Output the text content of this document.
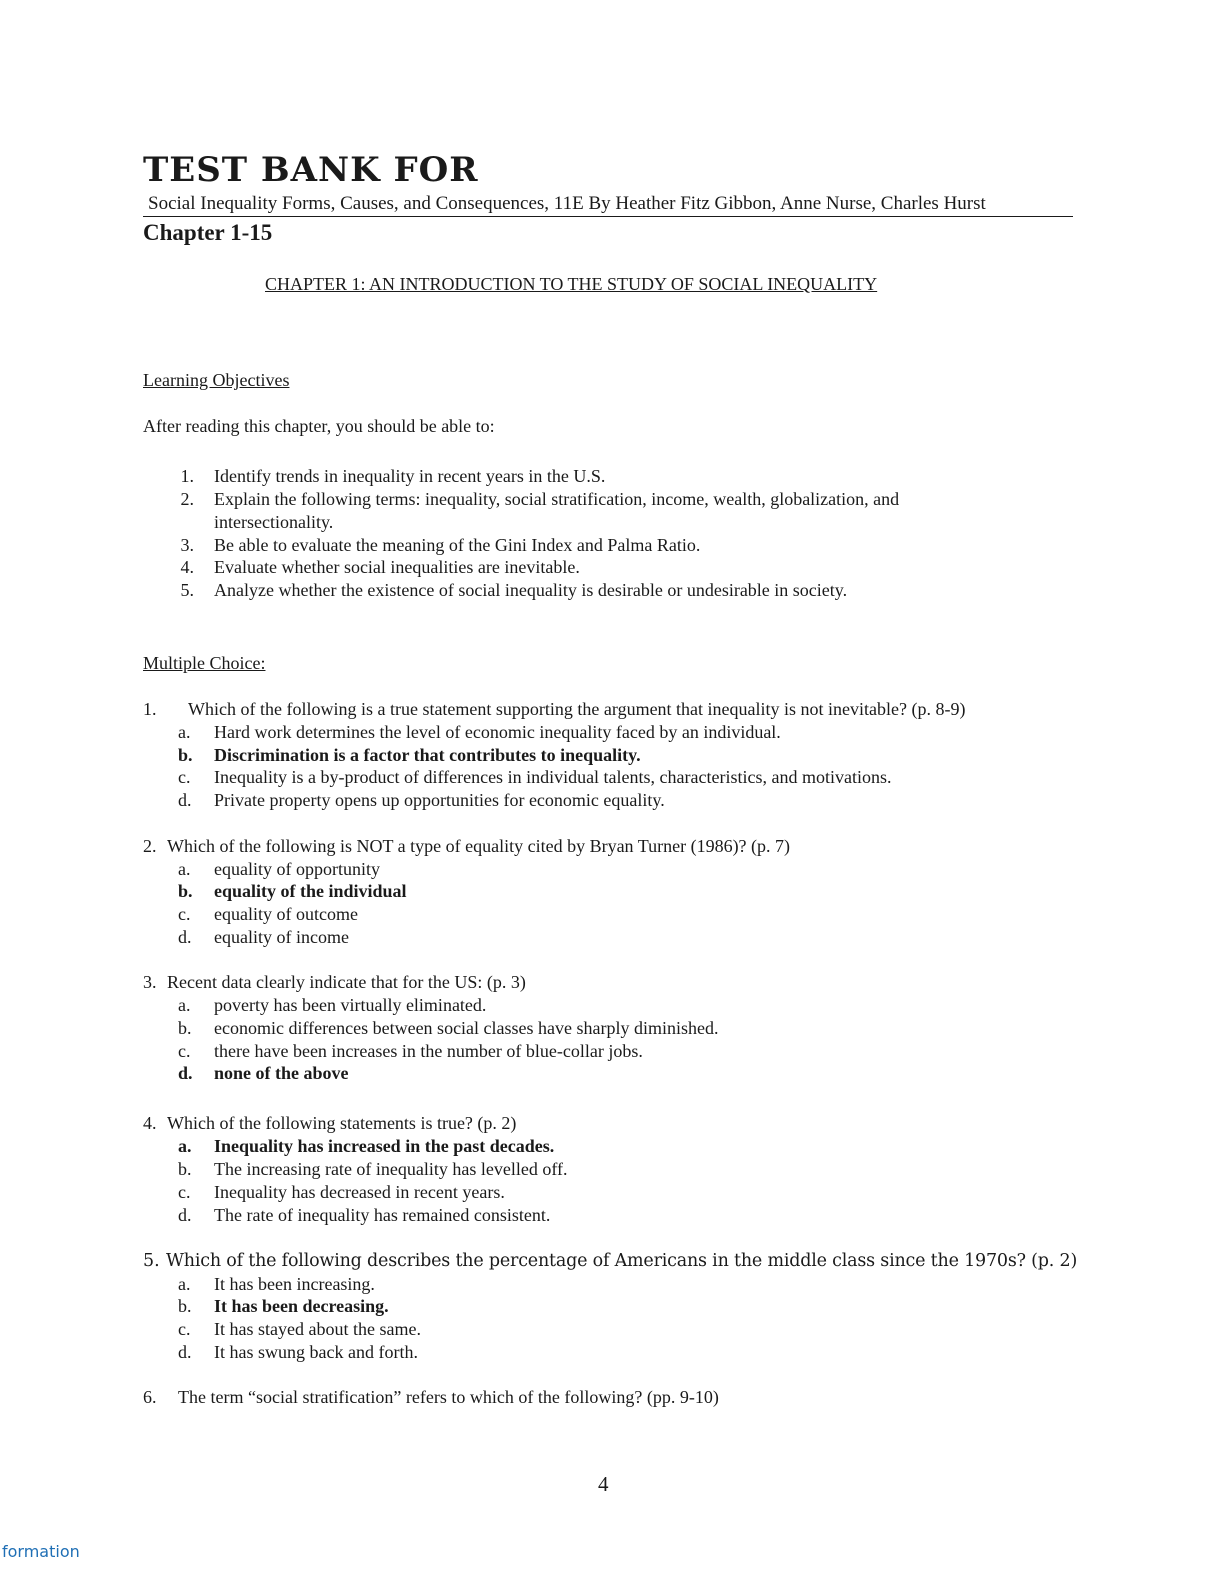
TEST BANK FOR
Social Inequality Forms, Causes, and Consequences, 11E By Heather Fitz Gibbon, Anne Nurse, Charles Hurst
Chapter 1-15
CHAPTER 1: AN INTRODUCTION TO THE STUDY OF SOCIAL INEQUALITY
Learning Objectives
After reading this chapter, you should be able to:
1. Identify trends in inequality in recent years in the U.S.
2. Explain the following terms: inequality, social stratification, income, wealth, globalization, and
intersectionality.
3. Be able to evaluate the meaning of the Gini Index and Palma Ratio.
4. Evaluate whether social inequalities are inevitable.
5. Analyze whether the existence of social inequality is desirable or undesirable in society.
Multiple Choice:
1. Which of the following is a true statement supporting the argument that inequality is not inevitable? (p. 8-9)
a. Hard work determines the level of economic inequality faced by an individual.
b. Discrimination is a factor that contributes to inequality.
c. Inequality is a by-product of differences in individual talents, characteristics, and motivations.
d. Private property opens up opportunities for economic equality.
2. Which of the following is NOT a type of equality cited by Bryan Turner (1986)? (p. 7)
a. equality of opportunity
b. equality of the individual
c. equality of outcome
d. equality of income
3. Recent data clearly indicate that for the US: (p. 3)
a. poverty has been virtually eliminated.
b. economic differences between social classes have sharply diminished.
c. there have been increases in the number of blue-collar jobs.
d. none of the above
4. Which of the following statements is true? (p. 2)
a. Inequality has increased in the past decades.
b. The increasing rate of inequality has levelled off.
c. Inequality has decreased in recent years.
d. The rate of inequality has remained consistent.
5. Which of the following describes the percentage of Americans in the middle class since the 1970s? (p. 2)
a. It has been increasing.
b. It has been decreasing.
c. It has stayed about the same.
d. It has swung back and forth.
6. The term “social stratification” refers to which of the following? (pp. 9-10)
4
formation
